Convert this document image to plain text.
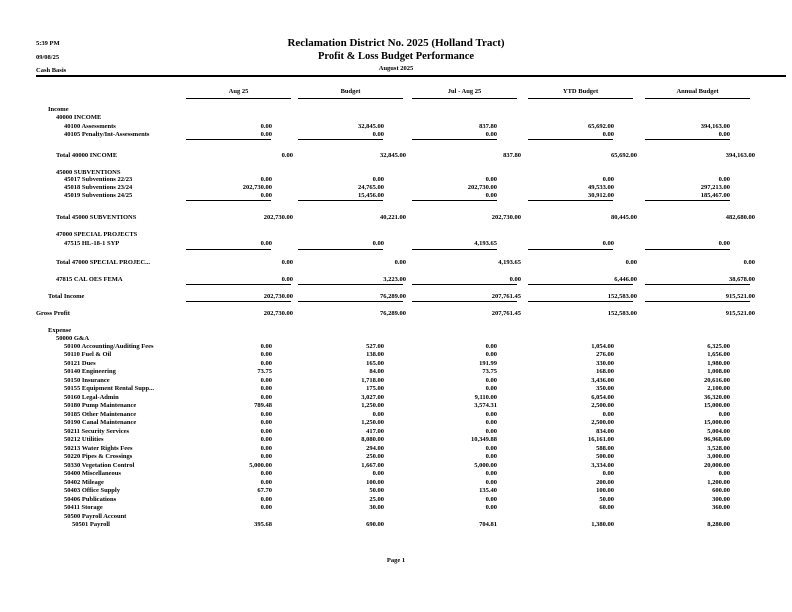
5:39 PM
09/08/25
Cash Basis
Reclamation District No. 2025 (Holland Tract)
Profit & Loss Budget Performance
August 2025
Aug 25	Budget	Jul - Aug 25	YTD Budget	Annual Budget
Income
40000 INCOME
40100 Assessments	0.00	32,845.00	837.80	65,692.00	394,163.00
40105 Penalty/Int-Assessments	0.00	0.00	0.00	0.00	0.00
Total 40000 INCOME	0.00	32,845.00	837.80	65,692.00	394,163.00
45000 SUBVENTIONS
45017 Subventions 22/23	0.00	0.00	0.00	0.00	0.00
45018 Subventions 23/24	202,730.00	24,765.00	202,730.00	49,533.00	297,213.00
45019 Subventions 24/25	0.00	15,456.00	0.00	30,912.00	185,467.00
Total 45000 SUBVENTIONS	202,730.00	40,221.00	202,730.00	80,445.00	482,680.00
47000 SPECIAL PROJECTS
47515 HL-18-1 SYP	0.00	0.00	4,193.65	0.00	0.00
Total 47000 SPECIAL PROJEC...	0.00	0.00	4,193.65	0.00	0.00
47815 CAL OES FEMA	0.00	3,223.00	0.00	6,446.00	38,678.00
Total Income	202,730.00	76,289.00	207,761.45	152,583.00	915,521.00
Gross Profit	202,730.00	76,289.00	207,761.45	152,583.00	915,521.00
Expense
50000 G&A
50100 Accounting/Auditing Fees	0.00	527.00	0.00	1,054.00	6,325.00
50110 Fuel & Oil	0.00	138.00	0.00	276.00	1,656.00
50121 Dues	0.00	165.00	191.99	330.00	1,980.00
50140 Engineering	73.75	84.00	73.75	168.00	1,008.00
50150 Insurance	0.00	1,718.00	0.00	3,436.00	20,616.00
50155 Equipment Rental Supp...	0.00	175.00	0.00	350.00	2,100.00
50160 Legal-Admin	0.00	3,027.00	9,110.00	6,054.00	36,320.00
50180 Pump Maintenance	789.48	1,250.00	3,574.31	2,500.00	15,000.00
50185 Other Maintenance	0.00	0.00	0.00	0.00	0.00
50190 Canal Maintenance	0.00	1,250.00	0.00	2,500.00	15,000.00
50211 Security Services	0.00	417.00	0.00	834.00	5,004.00
50212 Utilities	0.00	8,080.00	10,349.88	16,161.00	96,968.00
50213 Water Rights Fees	0.00	294.00	0.00	588.00	3,528.00
50220 Pipes & Crossings	0.00	250.00	0.00	500.00	3,000.00
50330 Vegetation Control	5,000.00	1,667.00	5,000.00	3,334.00	20,000.00
50400 Miscellaneous	0.00	0.00	0.00	0.00	0.00
50402 Mileage	0.00	100.00	0.00	200.00	1,200.00
50403 Office Supply	67.70	50.00	135.40	100.00	600.00
50406 Publications	0.00	25.00	0.00	50.00	300.00
50411 Storage	0.00	30.00	0.00	60.00	360.00
50500 Payroll Account
50501 Payroll	395.68	690.00	704.81	1,380.00	8,280.00
Page 1
